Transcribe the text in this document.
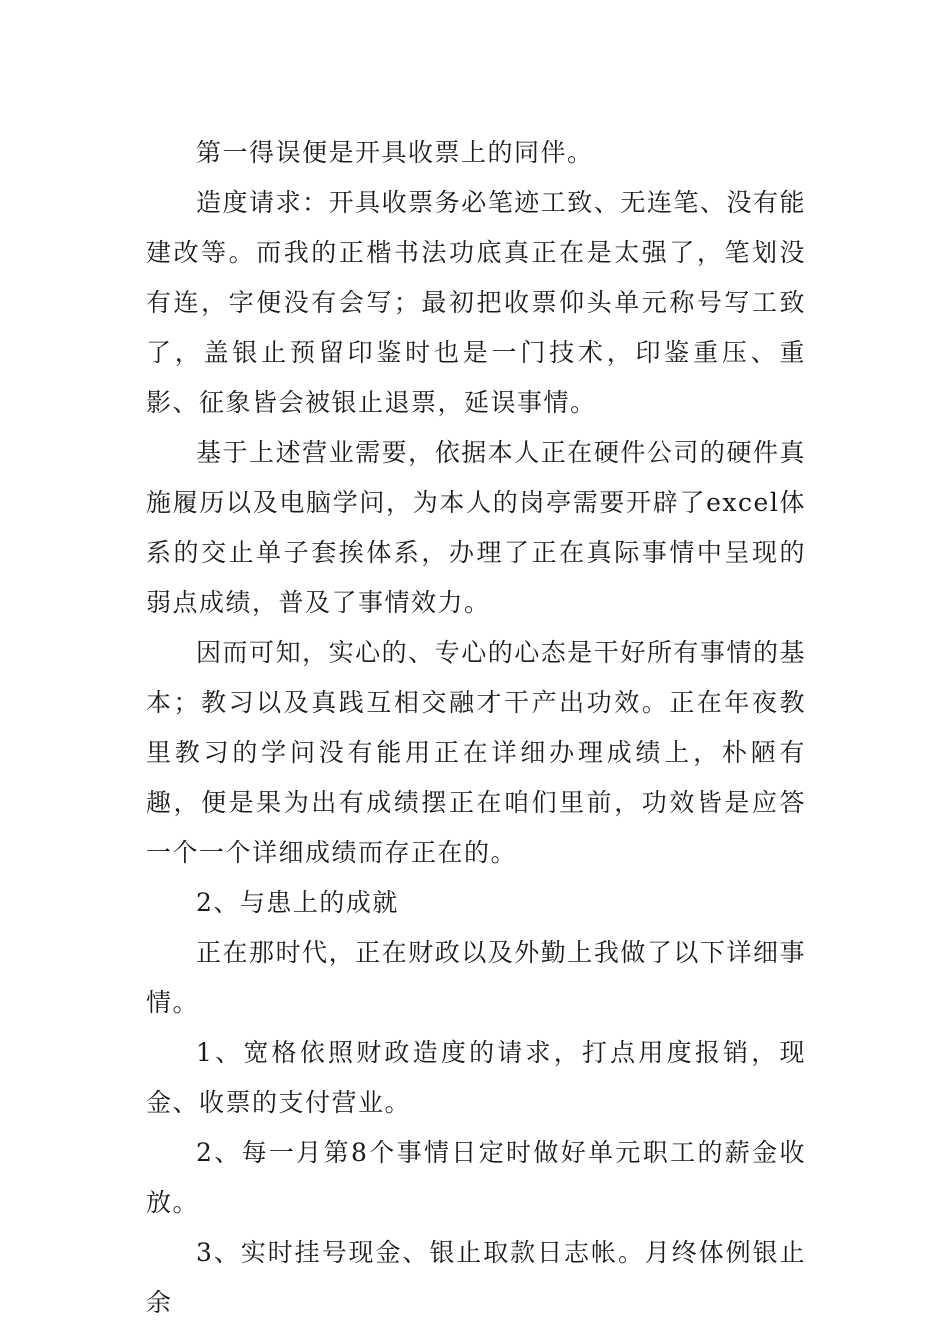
第一得误便是开具收票上的同伴。

造度请求：开具收票务必笔迹工致、无连笔、没有能建改等。而我的正楷书法功底真正在是太强了，笔划没有连，字便没有会写；最初把收票仰头单元称号写工致了，盖银止预留印鉴时也是一门技术，印鉴重压、重影、征象皆会被银止退票，延误事情。

基于上述营业需要，依据本人正在硬件公司的硬件真施履历以及电脑学问，为本人的岗亭需要开辟了excel体系的交止单子套挨体系，办理了正在真际事情中呈现的弱点成绩，普及了事情效力。

因而可知，实心的、专心的心态是干好所有事情的基本；教习以及真践互相交融才干产出功效。正在年夜教里教习的学问没有能用正在详细办理成绩上，朴陋有趣，便是果为出有成绩摆正在咱们里前，功效皆是应答一个一个详细成绩而存正在的。

2、与患上的成就

正在那时代，正在财政以及外勤上我做了以下详细事情。

1、宽格依照财政造度的请求，打点用度报销，现金、收票的支付营业。

2、每一月第8个事情日定时做好单元职工的薪金收放。

3、实时挂号现金、银止取款日志帐。月终体例银止余
